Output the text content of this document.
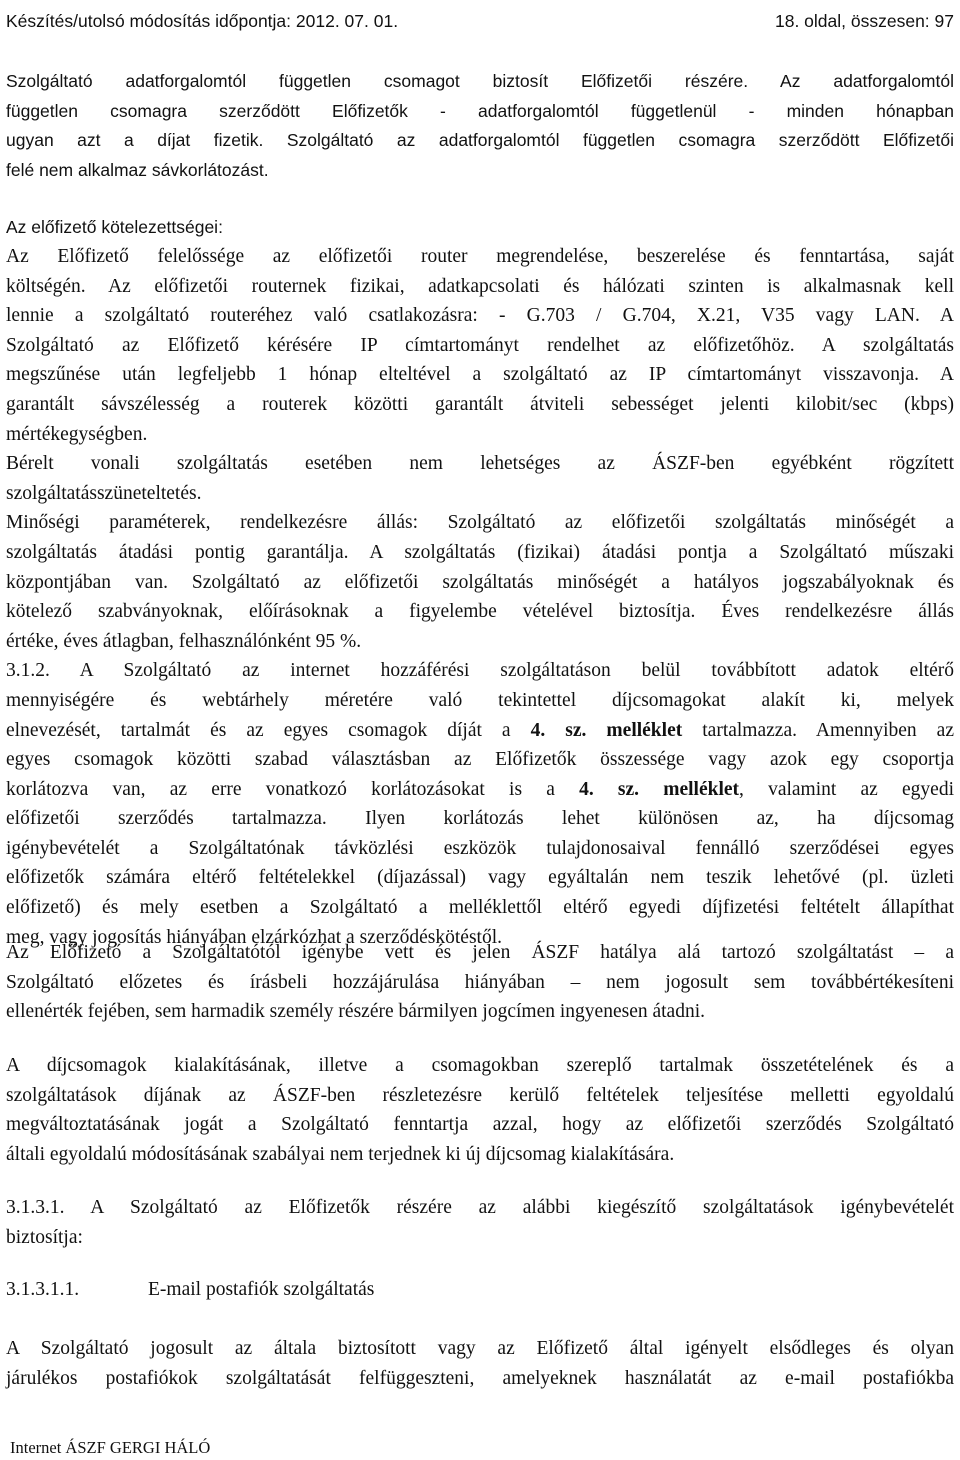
Készítés/utolsó módosítás időpontja: 2012. 07. 01.	18. oldal, összesen: 97
Szolgáltató adatforgalomtól független csomagot biztosít Előfizetői részére. Az adatforgalomtól
független csomagra szerződött Előfizetők - adatforgalomtól függetlenül - minden hónapban
ugyan azt a díjat fizetik. Szolgáltató az adatforgalomtól független csomagra szerződött Előfizetői
felé nem alkalmaz sávkorlátozást.
Az előfizető kötelezettségei:
Az Előfizető felelőssége az előfizetői router megrendelése, beszerelése és fenntartása, saját
költségén. Az előfizetői routernek fizikai, adatkapcsolati és hálózati szinten is alkalmasnak kell
lennie a szolgáltató routeréhez való csatlakozásra: - G.703 / G.704, X.21, V35 vagy LAN. A
Szolgáltató az Előfizető kérésére IP címtartományt rendelhet az előfizetőhöz. A szolgáltatás
megszűnése után legfeljebb 1 hónap elteltével a szolgáltató az IP címtartományt visszavonja. A
garantált sávszélesség a routerek közötti garantált átviteli sebességet jelenti kilobit/sec (kbps)
mértékegységben.
Bérelt vonali szolgáltatás esetében nem lehetséges az ÁSZF-ben egyébként rögzített
szolgáltatásszüneteltetés.
Minőségi paraméterek, rendelkezésre állás: Szolgáltató az előfizetői szolgáltatás minőségét a
szolgáltatás átadási pontig garantálja. A szolgáltatás (fizikai) átadási pontja a Szolgáltató műszaki
központjában van. Szolgáltató az előfizetői szolgáltatás minőségét a hatályos jogszabályoknak és
kötelező szabványoknak, előírásoknak a figyelembe vételével biztosítja. Éves rendelkezésre állás
értéke, éves átlagban, felhasználónként 95 %.
3.1.2. A Szolgáltató az internet hozzáférési szolgáltatáson belül továbbított adatok eltérő
mennyiségére és webtárhely méretére való tekintettel díjcsomagokat alakít ki, melyek
elnevezését, tartalmát és az egyes csomagok díját a 4. sz. melléklet tartalmazza. Amennyiben az
egyes csomagok közötti szabad választásban az Előfizetők összessége vagy azok egy csoportja
korlátozva van, az erre vonatkozó korlátozásokat is a 4. sz. melléklet, valamint az egyedi
előfizetői szerződés tartalmazza. Ilyen korlátozás lehet különösen az, ha díjcsomag
igénybevételét a Szolgáltatónak távközlési eszközök tulajdonosaival fennálló szerződései egyes
előfizetők számára eltérő feltételekkel (díjazással) vagy egyáltalán nem teszik lehetővé (pl. üzleti
előfizető) és mely esetben a Szolgáltató a melléklettől eltérő egyedi díjfizetési feltételt állapíthat
meg, vagy jogosítás hiányában elzárkózhat a szerződéskötéstől.
Az Előfizető a Szolgáltatótól igénybe vett és jelen ÁSZF hatálya alá tartozó szolgáltatást – a
Szolgáltató előzetes és írásbeli hozzájárulása hiányában – nem jogosult sem továbbértékesíteni
ellenérték fejében, sem harmadik személy részére bármilyen jogcímen ingyenesen átadni.
A díjcsomagok kialakításának, illetve a csomagokban szereplő tartalmak összetételének és a
szolgáltatások díjának az ÁSZF-ben részletezésre kerülő feltételek teljesítése melletti egyoldalú
megváltoztatásának jogát a Szolgáltató fenntartja azzal, hogy az előfizetői szerződés Szolgáltató
általi egyoldalú módosításának szabályai nem terjednek ki új díjcsomag kialakítására.
3.1.3.1. A Szolgáltató az Előfizetők részére az alábbi kiegészítő szolgáltatások igénybevételét
biztosítja:
3.1.3.1.1.	E-mail postafiók szolgáltatás
A Szolgáltató jogosult az általa biztosított vagy az Előfizető által igényelt elsődleges és olyan
járulékos postafiókok szolgáltatását felfüggeszteni, amelyeknek használatát az e-mail postafiókba
Internet ÁSZF GERGI HÁLÓ
